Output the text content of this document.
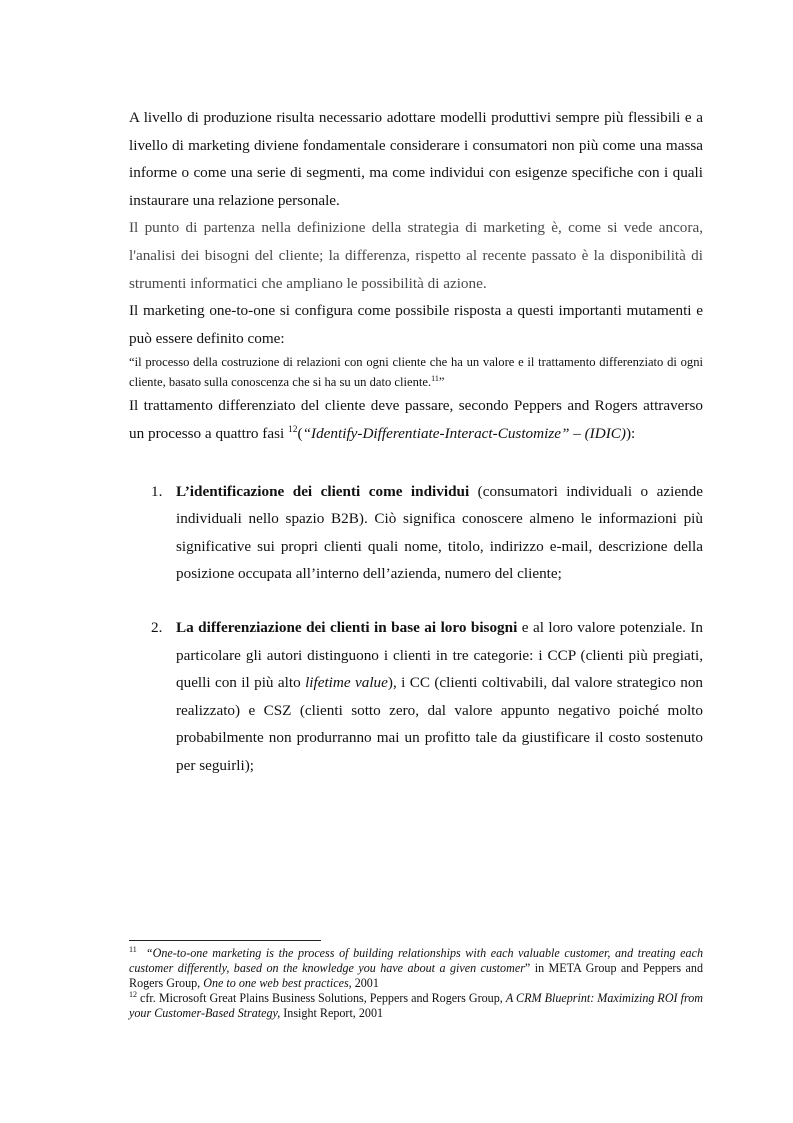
A livello di produzione risulta necessario adottare modelli produttivi sempre più flessibili e a livello di marketing diviene fondamentale considerare i consumatori non più come una massa informe o come una serie di segmenti, ma come individui con esigenze specifiche con i quali instaurare una relazione personale.

Il punto di partenza nella definizione della strategia di marketing è, come si vede ancora, l'analisi dei bisogni del cliente; la differenza, rispetto al recente passato è la disponibilità di strumenti informatici che ampliano le possibilità di azione.

Il marketing one-to-one si configura come possibile risposta a questi importanti mutamenti e può essere definito come:

“il processo della costruzione di relazioni con ogni cliente che ha un valore e il trattamento differenziato di ogni cliente, basato sulla conoscenza che si ha su un dato cliente.$^{11}$”

Il trattamento differenziato del cliente deve passare, secondo Peppers and Rogers attraverso un processo a quattro fasi $^{12}$(“Identify-Differentiate-Interact-Customize” – (IDIC)):

1. L’identificazione dei clienti come individui (consumatori individuali o aziende individuali nello spazio B2B). Ciò significa conoscere almeno le informazioni più significative sui propri clienti quali nome, titolo, indirizzo e-mail, descrizione della posizione occupata all’interno dell’azienda, numero del cliente;
2. La differenziazione dei clienti in base ai loro bisogni e al loro valore potenziale. In particolare gli autori distinguono i clienti in tre categorie: i CCP (clienti più pregiati, quelli con il più alto lifetime value), i CC (clienti coltivabili, dal valore strategico non realizzato) e CSZ (clienti sotto zero, dal valore appunto negativo poiché molto probabilmente non produrranno mai un profitto tale da giustificare il costo sostenuto per seguirli);

$^{11}$ “One-to-one marketing is the process of building relationships with each valuable customer, and treating each customer differently, based on the knowledge you have about a given customer” in META Group and Peppers and Rogers Group, One to one web best practices, 2001

$^{12}$ cfr. Microsoft Great Plains Business Solutions, Peppers and Rogers Group, A CRM Blueprint: Maximizing ROI from your Customer-Based Strategy, Insight Report, 2001
